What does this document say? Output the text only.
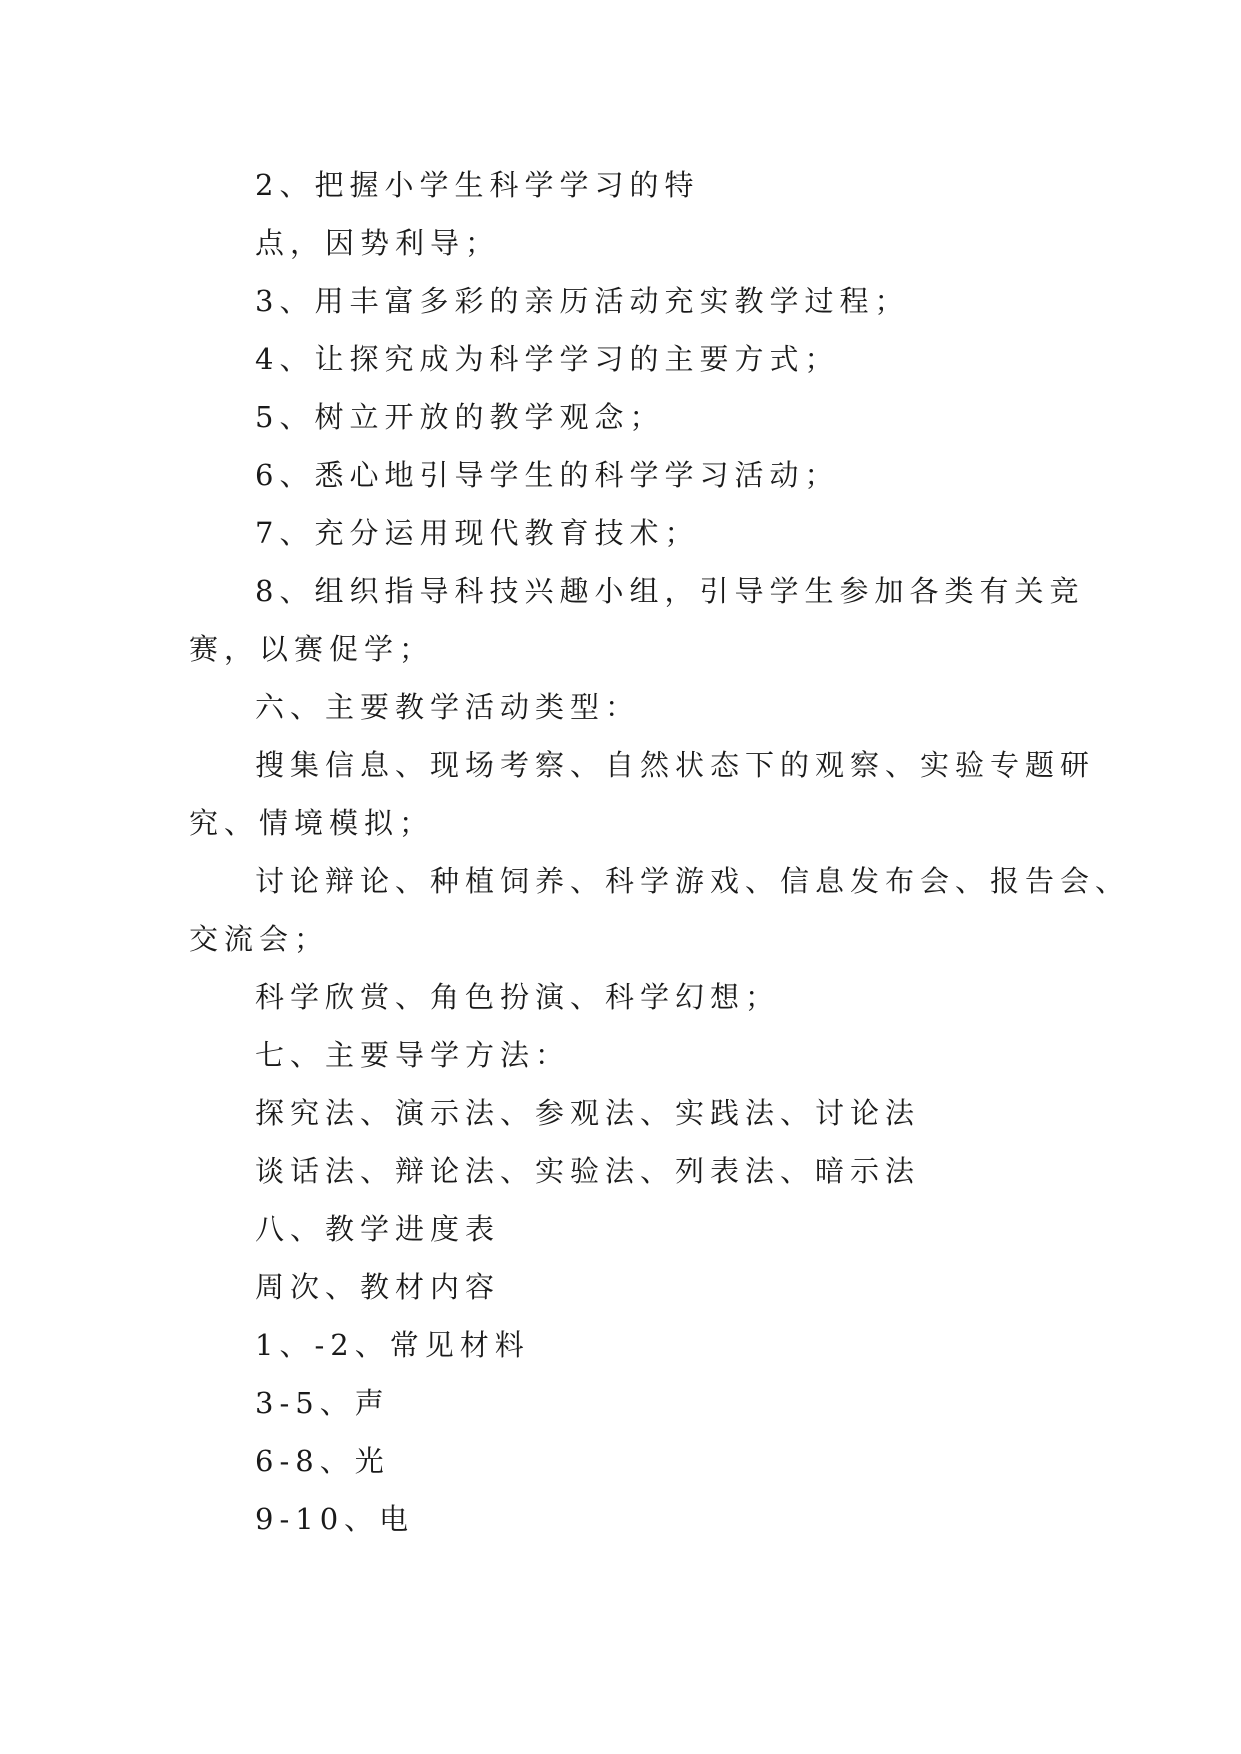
2、把握小学生科学学习的特
点，因势利导；
3、用丰富多彩的亲历活动充实教学过程；
4、让探究成为科学学习的主要方式；
5、树立开放的教学观念；
6、悉心地引导学生的科学学习活动；
7、充分运用现代教育技术；
8、组织指导科技兴趣小组，引导学生参加各类有关竞
赛，以赛促学；
六、主要教学活动类型：
搜集信息、现场考察、自然状态下的观察、实验专题研
究、情境模拟；
讨论辩论、种植饲养、科学游戏、信息发布会、报告会、
交流会；
科学欣赏、角色扮演、科学幻想；
七、主要导学方法：
探究法、演示法、参观法、实践法、讨论法
谈话法、辩论法、实验法、列表法、暗示法
八、教学进度表
周次、教材内容
1、-2、常见材料
3-5、声
6-8、光
9-10、电
